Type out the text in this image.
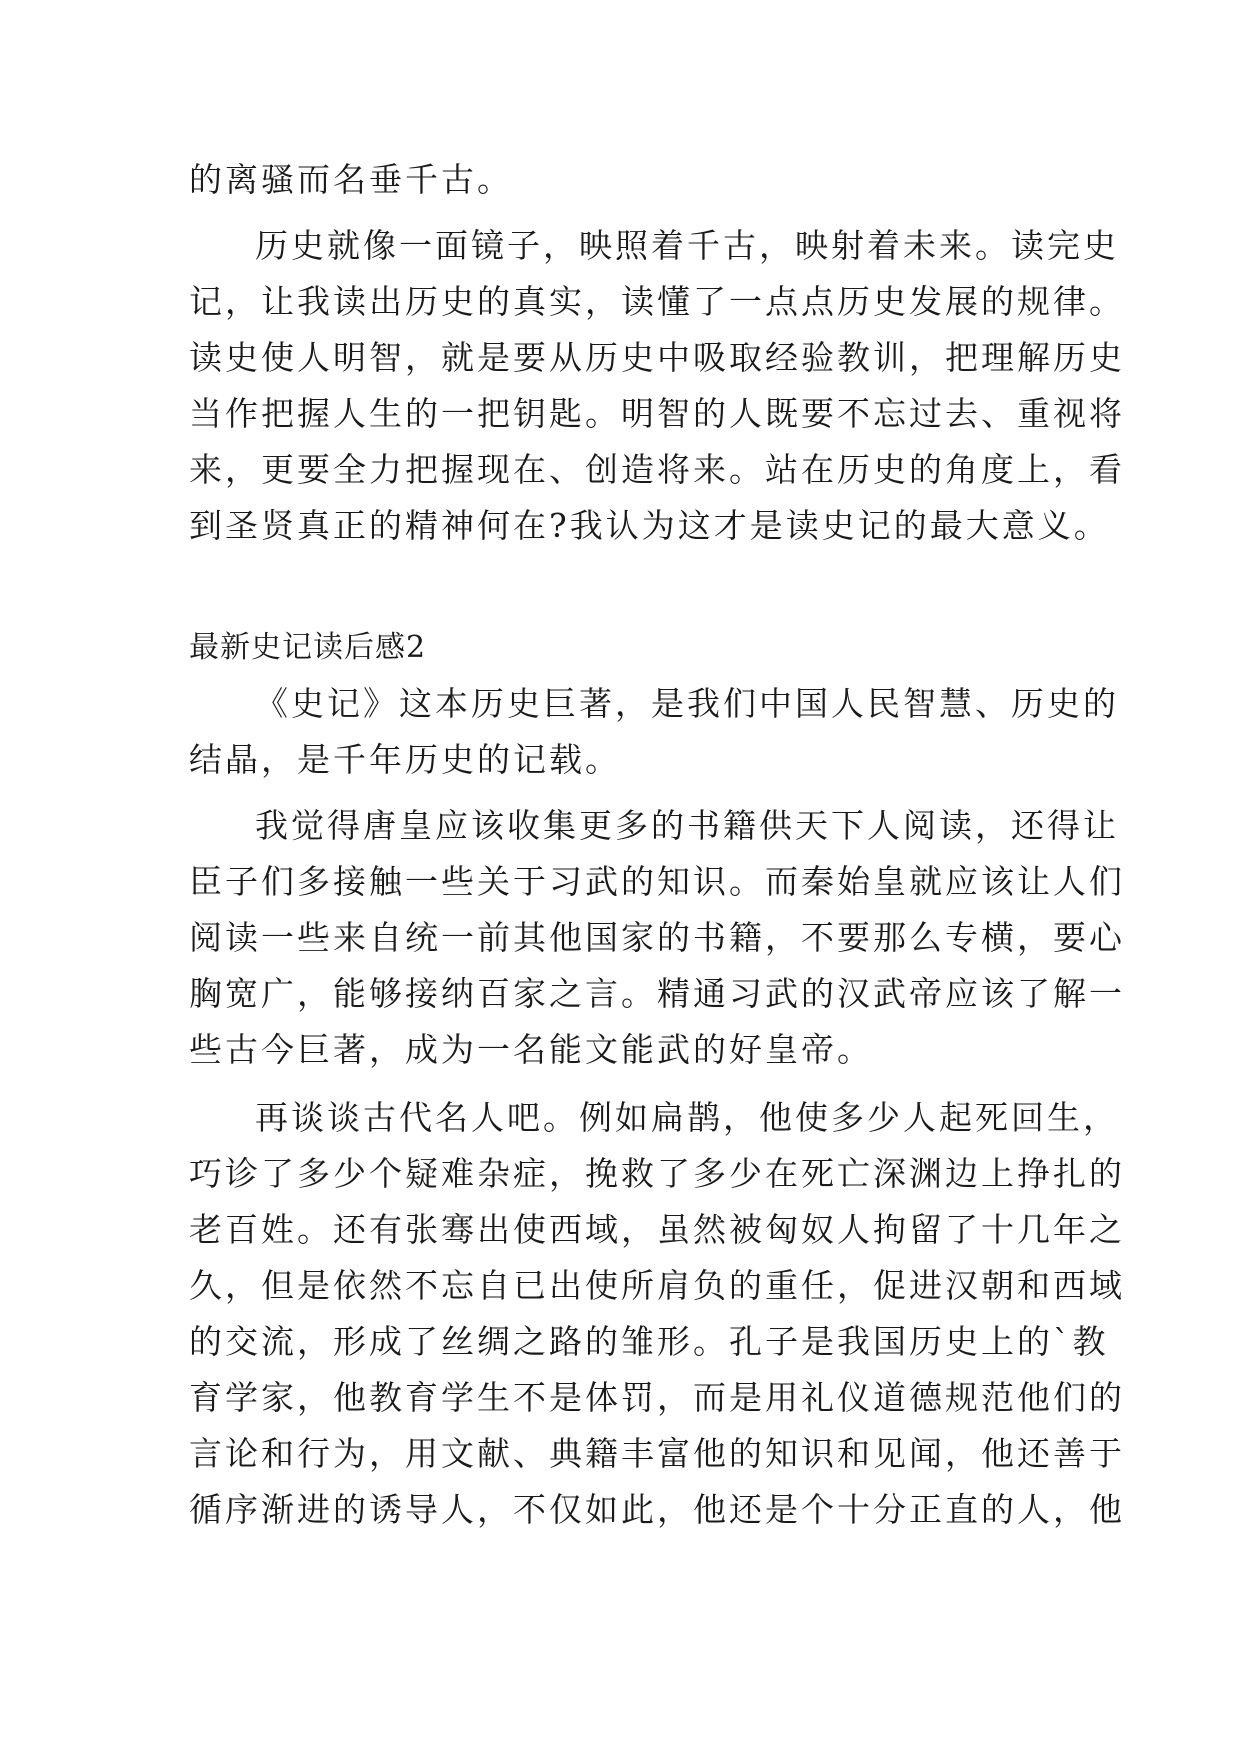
的离骚而名垂千古。
历史就像一面镜子，映照着千古，映射着未来。读完史
记，让我读出历史的真实，读懂了一点点历史发展的规律。
读史使人明智，就是要从历史中吸取经验教训，把理解历史
当作把握人生的一把钥匙。明智的人既要不忘过去、重视将
来，更要全力把握现在、创造将来。站在历史的角度上，看
到圣贤真正的精神何在?我认为这才是读史记的最大意义。
最新史记读后感2
《史记》这本历史巨著，是我们中国人民智慧、历史的
结晶，是千年历史的记载。
我觉得唐皇应该收集更多的书籍供天下人阅读，还得让
臣子们多接触一些关于习武的知识。而秦始皇就应该让人们
阅读一些来自统一前其他国家的书籍，不要那么专横，要心
胸宽广，能够接纳百家之言。精通习武的汉武帝应该了解一
些古今巨著，成为一名能文能武的好皇帝。
再谈谈古代名人吧。例如扁鹊，他使多少人起死回生，
巧诊了多少个疑难杂症，挽救了多少在死亡深渊边上挣扎的
老百姓。还有张骞出使西域，虽然被匈奴人拘留了十几年之
久，但是依然不忘自已出使所肩负的重任，促进汉朝和西域
的交流，形成了丝绸之路的雏形。孔子是我国历史上的`教
育学家，他教育学生不是体罚，而是用礼仪道德规范他们的
言论和行为，用文献、典籍丰富他的知识和见闻，他还善于
循序渐进的诱导人，不仅如此，他还是个十分正直的人，他
